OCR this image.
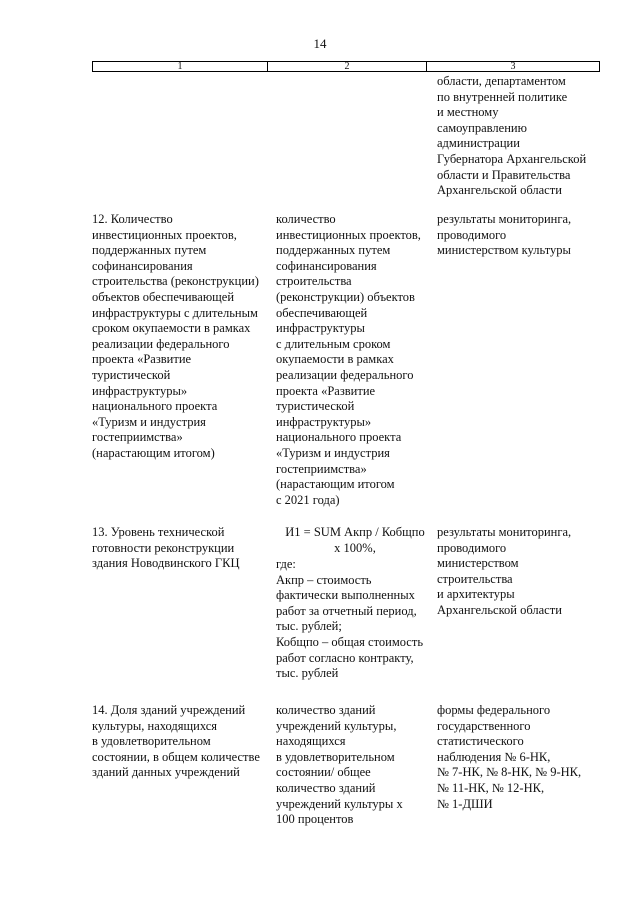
14
1	2	3
области, департаментом
по внутренней политике
и местному
самоуправлению
администрации
Губернатора Архангельской
области и Правительства
Архангельской области
12. Количество
инвестиционных проектов,
поддержанных путем
софинансирования
строительства (реконструкции)
объектов обеспечивающей
инфраструктуры с длительным
сроком окупаемости в рамках
реализации федерального
проекта «Развитие
туристической
инфраструктуры»
национального проекта
«Туризм и индустрия
гостеприимства»
(нарастающим итогом)
количество
инвестиционных проектов,
поддержанных путем
софинансирования
строительства
(реконструкции) объектов
обеспечивающей
инфраструктуры
с длительным сроком
окупаемости в рамках
реализации федерального
проекта «Развитие
туристической
инфраструктуры»
национального проекта
«Туризм и индустрия
гостеприимства»
(нарастающим итогом
с 2021 года)
результаты мониторинга,
проводимого
министерством культуры
13. Уровень технической
готовности реконструкции
здания Новодвинского ГКЦ
И1 = SUM Акпр / Кобщпо
х 100%,
где:
Акпр – стоимость
фактически выполненных
работ за отчетный период,
тыс. рублей;
Кобщпо – общая стоимость
работ согласно контракту,
тыс. рублей
результаты мониторинга,
проводимого
министерством
строительства
и архитектуры
Архангельской области
14. Доля зданий учреждений
культуры, находящихся
в удовлетворительном
состоянии, в общем количестве
зданий данных учреждений
количество зданий
учреждений культуры,
находящихся
в удовлетворительном
состоянии/ общее
количество зданий
учреждений культуры х
100 процентов
формы федерального
государственного
статистического
наблюдения № 6-НК,
№ 7-НК, № 8-НК, № 9-НК,
№ 11-НК, № 12-НК,
№ 1-ДШИ
